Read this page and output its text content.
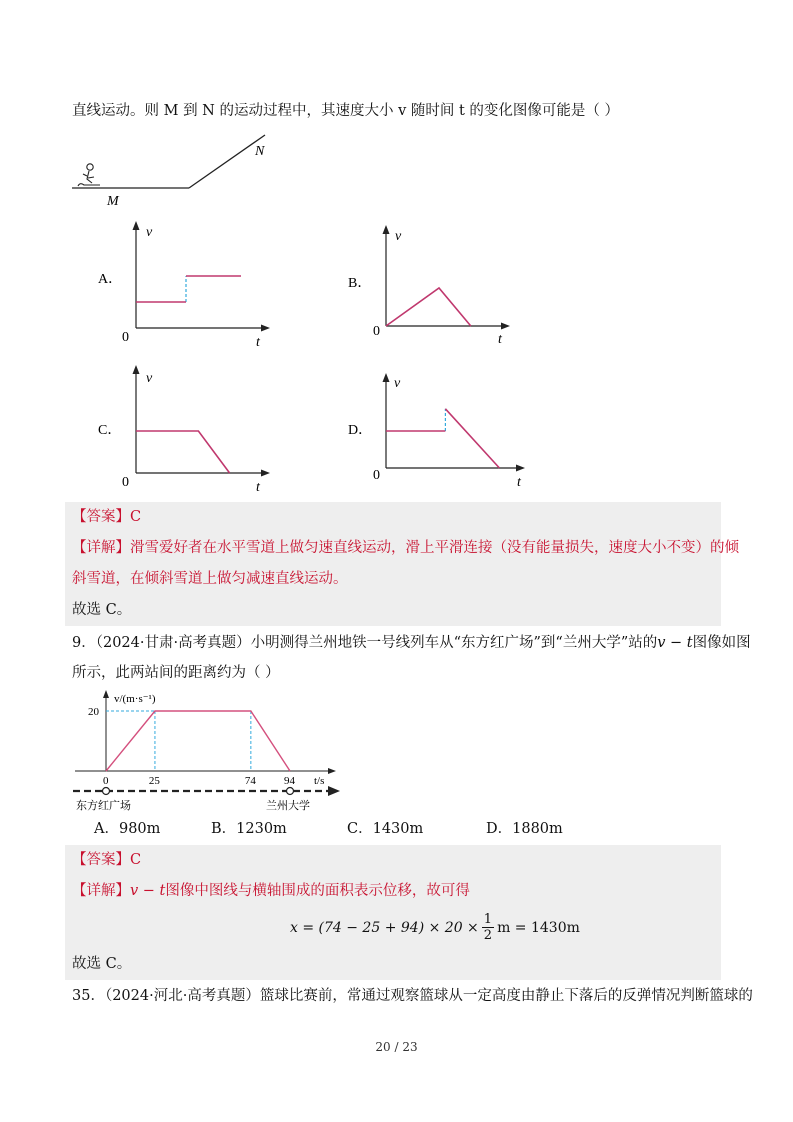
直线运动。则 M 到 N 的运动过程中，其速度大小 v 随时间 t 的变化图像可能是（ ）
M
N
A．
v
t
0
B．
v
t
0
C．
v
t
0
D．
v
t
0
【答案】C
【详解】滑雪爱好者在水平雪道上做匀速直线运动，滑上平滑连接（没有能量损失，速度大小不变）的倾
斜雪道，在倾斜雪道上做匀减速直线运动。
故选 C。
9．（2024·甘肃·高考真题）小明测得兰州地铁一号线列车从“东方红广场”到“兰州大学”站的v − t图像如图
所示，此两站间的距离约为（ ）
v/(m·s⁻¹)
t/s
20
0	25	74	94
东方红广场	兰州大学
A．980m	B．1230m	C．1430m	D．1880m
【答案】C
【详解】v − t图像中图线与横轴围成的面积表示位移，故可得
$x = (74 - 25 + 94) \times 20 \times \frac{1}{2}$ m = 1430m
故选 C。
35．（2024·河北·高考真题）篮球比赛前，常通过观察篮球从一定高度由静止下落后的反弹情况判断篮球的
20 / 23
